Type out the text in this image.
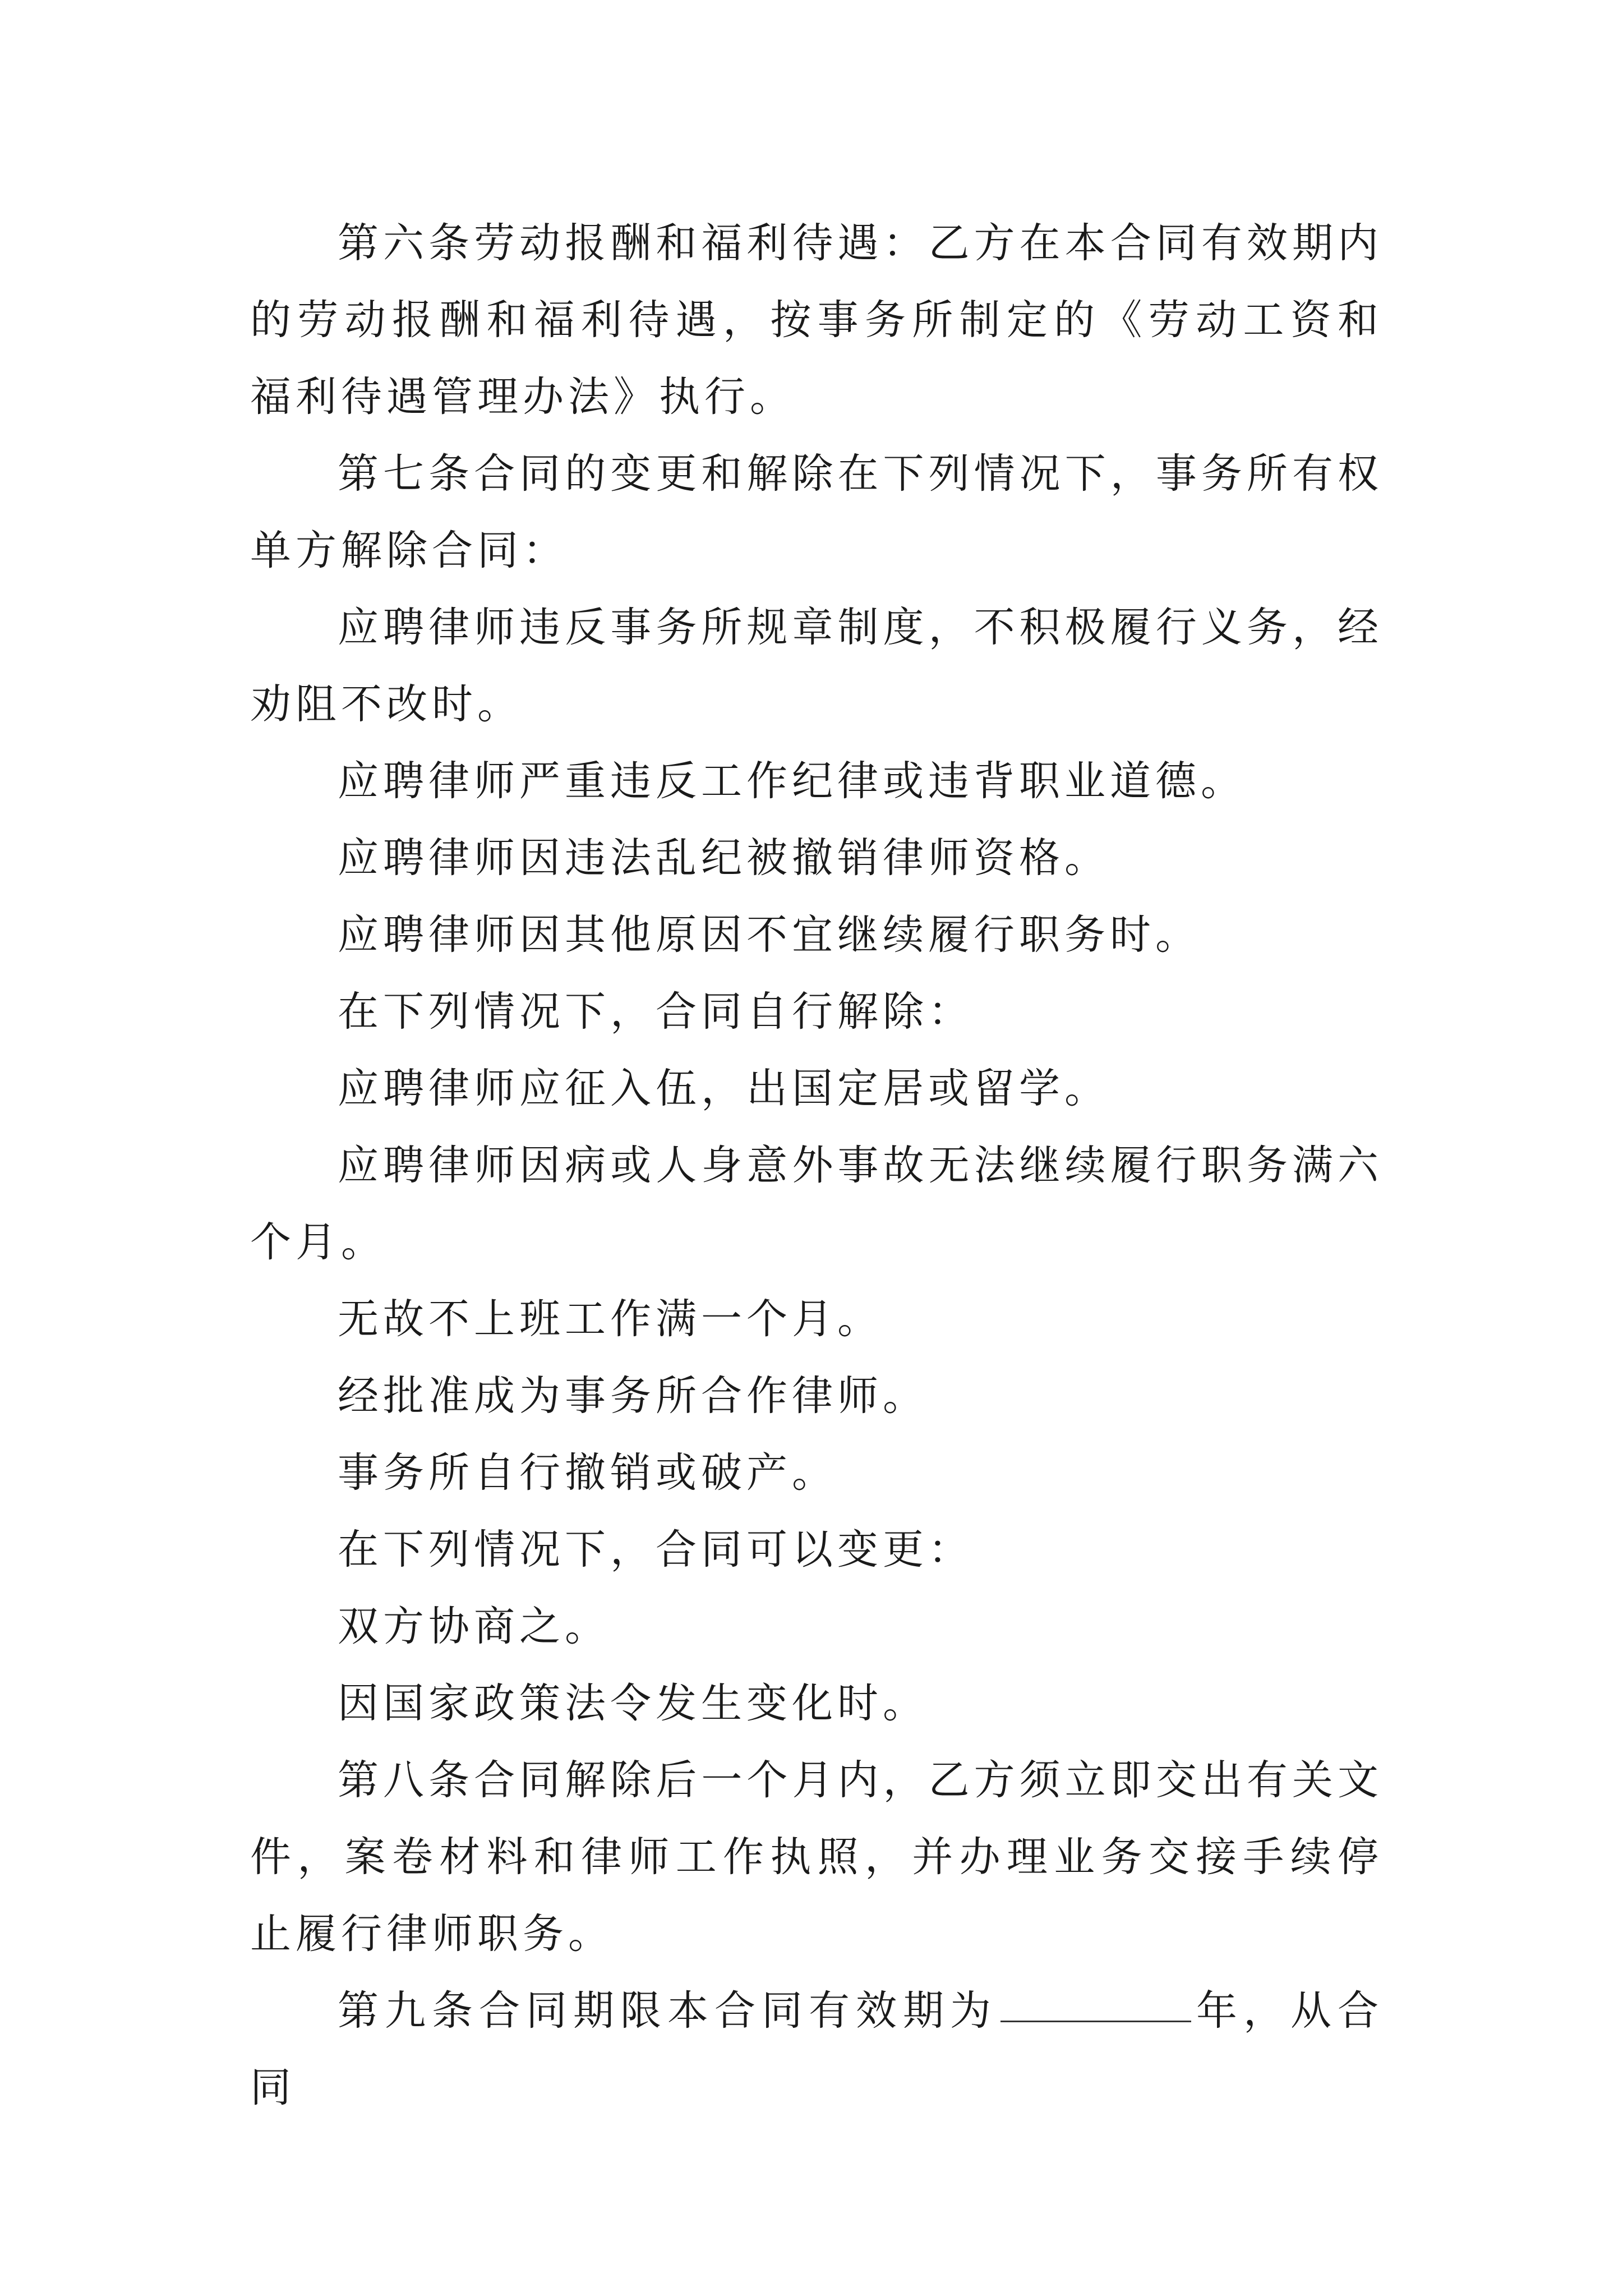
第六条劳动报酬和福利待遇：乙方在本合同有效期内的劳动报酬和福利待遇，按事务所制定的《劳动工资和福利待遇管理办法》执行。

第七条合同的变更和解除在下列情况下，事务所有权单方解除合同：

应聘律师违反事务所规章制度，不积极履行义务，经劝阻不改时。

应聘律师严重违反工作纪律或违背职业道德。

应聘律师因违法乱纪被撤销律师资格。

应聘律师因其他原因不宜继续履行职务时。

在下列情况下，合同自行解除：

应聘律师应征入伍，出国定居或留学。

应聘律师因病或人身意外事故无法继续履行职务满六个月。

无故不上班工作满一个月。

经批准成为事务所合作律师。

事务所自行撤销或破产。

在下列情况下，合同可以变更：

双方协商之。

因国家政策法令发生变化时。

第八条合同解除后一个月内，乙方须立即交出有关文件，案卷材料和律师工作执照，并办理业务交接手续停止履行律师职务。

第九条合同期限本合同有效期为	年，从合同
